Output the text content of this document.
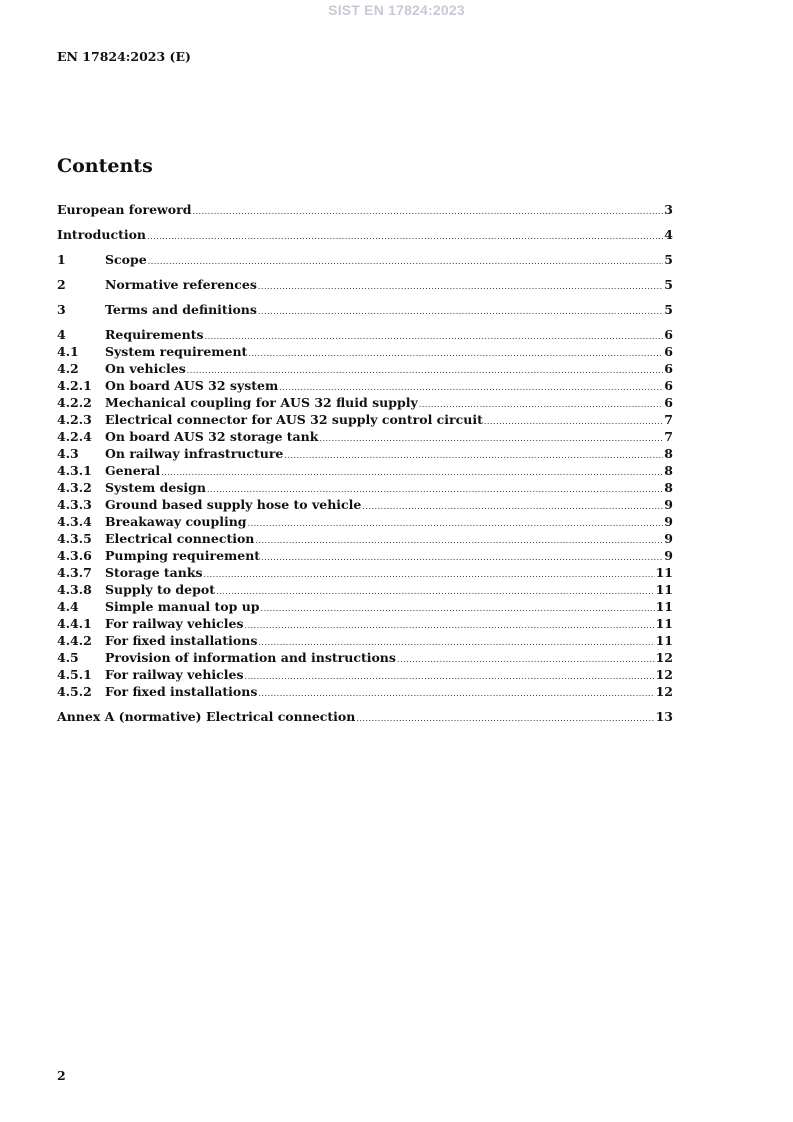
SIST EN 17824:2023
EN 17824:2023 (E)
Contents
European foreword .....	3
Introduction .....	4
1	Scope .....	5
2	Normative references .....	5
3	Terms and definitions .....	5
4	Requirements .....	6
4.1	System requirement .....	6
4.2	On vehicles .....	6
4.2.1	On board AUS 32 system .....	6
4.2.2	Mechanical coupling for AUS 32 fluid supply .....	6
4.2.3	Electrical connector for AUS 32 supply control circuit .....	7
4.2.4	On board AUS 32 storage tank .....	7
4.3	On railway infrastructure .....	8
4.3.1	General .....	8
4.3.2	System design .....	8
4.3.3	Ground based supply hose to vehicle .....	9
4.3.4	Breakaway coupling .....	9
4.3.5	Electrical connection .....	9
4.3.6	Pumping requirement .....	9
4.3.7	Storage tanks .....	11
4.3.8	Supply to depot .....	11
4.4	Simple manual top up .....	11
4.4.1	For railway vehicles .....	11
4.4.2	For fixed installations .....	11
4.5	Provision of information and instructions .....	12
4.5.1	For railway vehicles .....	12
4.5.2	For fixed installations .....	12
Annex A (normative) Electrical connection .....	13
2
